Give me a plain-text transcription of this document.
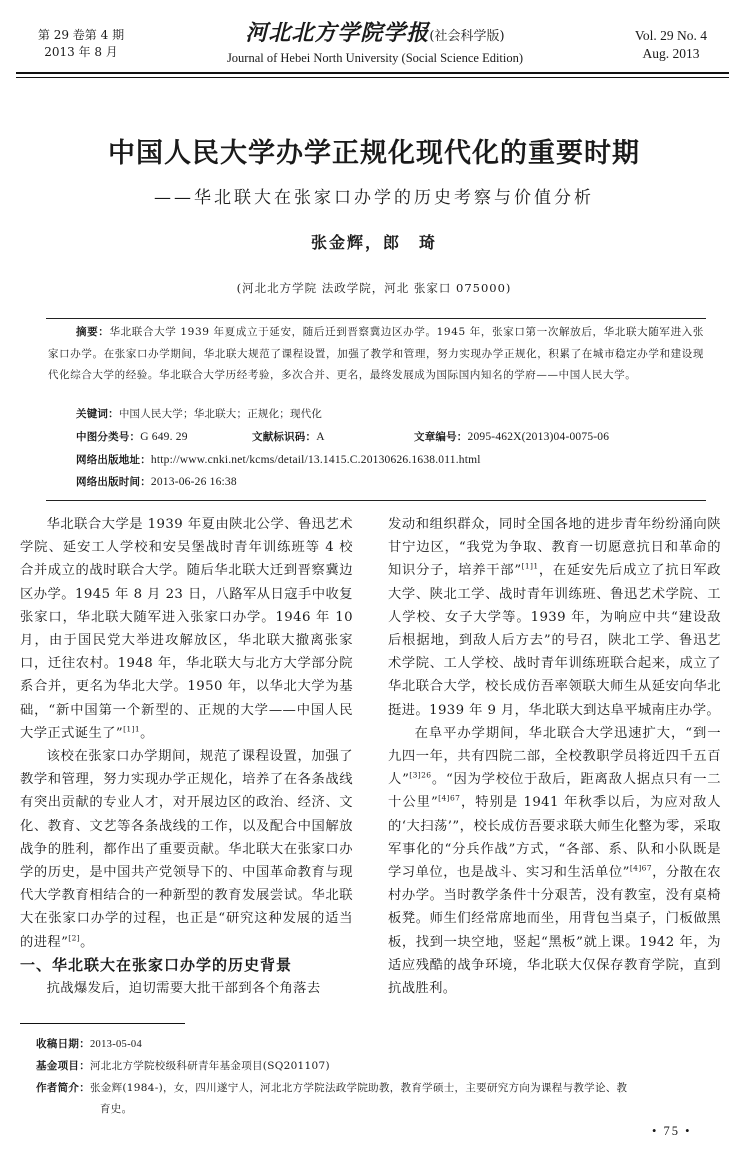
第 29 卷第 4 期
2013 年 8 月
河北北方学院学报(社会科学版)
Journal of Hebei North University (Social Science Edition)
Vol. 29 No. 4
Aug. 2013
中国人民大学办学正规化现代化的重要时期
——华北联大在张家口办学的历史考察与价值分析
张金辉，郎　琦
(河北北方学院 法政学院，河北 张家口 075000)
摘要：华北联合大学 1939 年夏成立于延安，随后迁到晋察冀边区办学。1945 年，张家口第一次解放后，华北联大随军进入张家口办学。在张家口办学期间，华北联大规范了课程设置，加强了教学和管理，努力实现办学正规化，积累了在城市稳定办学和建设现代化综合大学的经验。华北联合大学历经考验，多次合并、更名，最终发展成为国际国内知名的学府——中国人民大学。
关键词：中国人民大学；华北联大；正规化；现代化
中图分类号：G 649. 29	文献标识码：A	文章编号：2095-462X(2013)04-0075-06
网络出版地址：http://www.cnki.net/kcms/detail/13.1415.C.20130626.1638.011.html
网络出版时间：2013-06-26 16:38

华北联合大学是 1939 年夏由陕北公学、鲁迅艺术学院、延安工人学校和安吴堡战时青年训练班等 4 校合并成立的战时联合大学。随后华北联大迁到晋察冀边区办学。1945 年 8 月 23 日，八路军从日寇手中收复张家口，华北联大随军进入张家口办学。1946 年 10 月，由于国民党大举进攻解放区，华北联大撤离张家口，迁往农村。1948 年，华北联大与北方大学部分院系合并，更名为华北大学。1950 年，以华北大学为基础，“新中国第一个新型的、正规的大学——中国人民大学正式诞生了”$^{[1]1}$。

该校在张家口办学期间，规范了课程设置，加强了教学和管理，努力实现办学正规化，培养了在各条战线有突出贡献的专业人才，对开展边区的政治、经济、文化、教育、文艺等各条战线的工作，以及配合中国解放战争的胜利，都作出了重要贡献。华北联大在张家口办学的历史，是中国共产党领导下的、中国革命教育与现代大学教育相结合的一种新型的教育发展尝试。华北联大在张家口办学的过程，也正是“研究这种发展的适当的进程”[2]。

一、华北联大在张家口办学的历史背景

抗战爆发后，迫切需要大批干部到各个角落去

发动和组织群众，同时全国各地的进步青年纷纷涌向陕甘宁边区，“我党为争取、教育一切愿意抗日和革命的知识分子，培养干部”$^{[1]1}$，在延安先后成立了抗日军政大学、陕北工学、战时青年训练班、鲁迅艺术学院、工人学校、女子大学等。1939 年，为响应中共“建设敌后根据地，到敌人后方去”的号召，陕北工学、鲁迅艺术学院、工人学校、战时青年训练班联合起来，成立了华北联合大学，校长成仿吾率领联大师生从延安向华北挺进。1939 年 9 月，华北联大到达阜平城南庄办学。

在阜平办学期间，华北联合大学迅速扩大，“到一九四一年，共有四院二部，全校教职学员将近四千五百人”$^{[3]26}$。“因为学校位于敌后，距离敌人据点只有一二十公里”$^{[4]67}$，特别是 1941 年秋季以后，为应对敌人的‘大扫荡’”，校长成仿吾要求联大师生化整为零，采取军事化的“分兵作战”方式，“各部、系、队和小队既是学习单位，也是战斗、实习和生活单位”$^{[4]67}$，分散在农村办学。当时教学条件十分艰苦，没有教室，没有桌椅板凳。师生们经常席地而坐，用背包当桌子，门板做黑板，找到一块空地，竖起“黑板”就上课。1942 年，为适应残酷的战争环境，华北联大仅保存教育学院，直到抗战胜利。

收稿日期：2013-05-04
基金项目：河北北方学院校级科研青年基金项目(SQ201107)
作者简介：张金辉(1984-)，女，四川遂宁人，河北北方学院法政学院助教，教育学硕士，主要研究方向为课程与教学论、教
育史。
• 75 •
